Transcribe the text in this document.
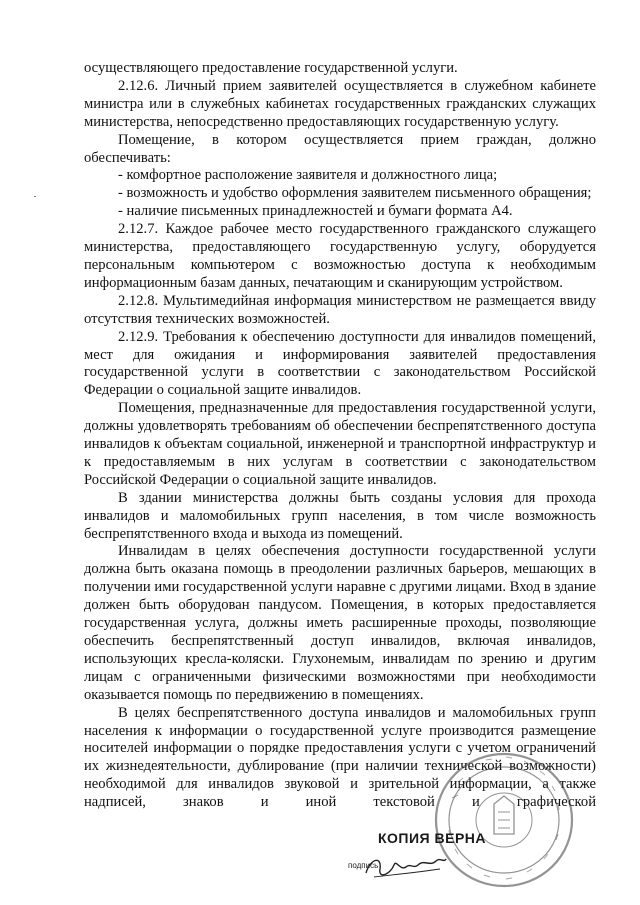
осуществляющего предоставление государственной услуги.

2.12.6. Личный прием заявителей осуществляется в служебном кабинете министра или в служебных кабинетах государственных гражданских служащих министерства, непосредственно предоставляющих государственную услугу.

Помещение, в котором осуществляется прием граждан, должно обеспечивать:

- комфортное расположение заявителя и должностного лица;

- возможность и удобство оформления заявителем письменного обращения;

- наличие письменных принадлежностей и бумаги формата А4.

2.12.7. Каждое рабочее место государственного гражданского служащего министерства, предоставляющего государственную услугу, оборудуется персональным компьютером с возможностью доступа к необходимым информационным базам данных, печатающим и сканирующим устройством.

2.12.8. Мультимедийная информация министерством не размещается ввиду отсутствия технических возможностей.

2.12.9. Требования к обеспечению доступности для инвалидов помещений, мест для ожидания и информирования заявителей предоставления государственной услуги в соответствии с законодательством Российской Федерации о социальной защите инвалидов.

Помещения, предназначенные для предоставления государственной услуги, должны удовлетворять требованиям об обеспечении беспрепятственного доступа инвалидов к объектам социальной, инженерной и транспортной инфраструктур и к предоставляемым в них услугам в соответствии с законодательством Российской Федерации о социальной защите инвалидов.

В здании министерства должны быть созданы условия для прохода инвалидов и маломобильных групп населения, в том числе возможность беспрепятственного входа и выхода из помещений.

Инвалидам в целях обеспечения доступности государственной услуги должна быть оказана помощь в преодолении различных барьеров, мешающих в получении ими государственной услуги наравне с другими лицами. Вход в здание должен быть оборудован пандусом. Помещения, в которых предоставляется государственная услуга, должны иметь расширенные проходы, позволяющие обеспечить беспрепятственный доступ инвалидов, включая инвалидов, использующих кресла-коляски. Глухонемым, инвалидам по зрению и другим лицам с ограниченными физическими возможностями при необходимости оказывается помощь по передвижению в помещениях.

В целях беспрепятственного доступа инвалидов и маломобильных групп населения к информации о государственной услуге производится размещение носителей информации о порядке предоставления услуги с учетом ограничений их жизнедеятельности, дублирование (при наличии технической возможности) необходимой для инвалидов звуковой и зрительной информации, а также надписей, знаков и иной текстовой и графической

КОПИЯ ВЕРНА
подпись
